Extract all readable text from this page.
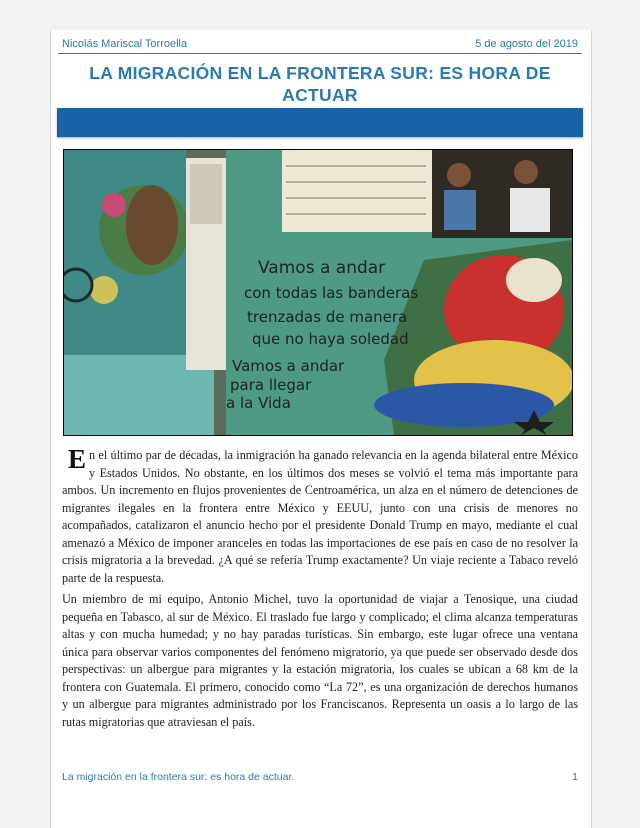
Nicolás Mariscal Torroella	5 de agosto del 2019
LA MIGRACIÓN EN LA FRONTERA SUR: ES HORA DE ACTUAR
Vamos a andar
con todas las banderas
trenzadas de manera
que no haya soledad
Vamos a andar
para llegar
a la Vida
En el último par de décadas, la inmigración ha ganado relevancia en la agenda bilateral entre México y Estados Unidos. No obstante, en los últimos dos meses se volvió el tema más importante para ambos. Un incremento en flujos provenientes de Centroamérica, un alza en el número de detenciones de migrantes ilegales en la frontera entre México y EEUU, junto con una crisis de menores no acompañados, catalizaron el anuncio hecho por el presidente Donald Trump en mayo, mediante el cual amenazó a México de imponer aranceles en todas las importaciones de ese país en caso de no resolver la crisis migratoria a la brevedad. ¿A qué se refería Trump exactamente? Un viaje reciente a Tabaco reveló parte de la respuesta.
Un miembro de mi equipo, Antonio Michel, tuvo la oportunidad de viajar a Tenosique, una ciudad pequeña en Tabasco, al sur de México. El traslado fue largo y complicado; el clima alcanza temperaturas altas y con mucha humedad; y no hay paradas turísticas. Sin embargo, este lugar ofrece una ventana única para observar varios componentes del fenómeno migratorio, ya que puede ser observado desde dos perspectivas: un albergue para migrantes y la estación migratoria, los cuales se ubican a 68 km de la frontera con Guatemala. El primero, conocido como “La 72”, es una organización de derechos humanos y un albergue para migrantes administrado por los Franciscanos. Representa un oasis a lo largo de las rutas migratorias que atraviesan el país.
La migración en la frontera sur: es hora de actuar.	1
